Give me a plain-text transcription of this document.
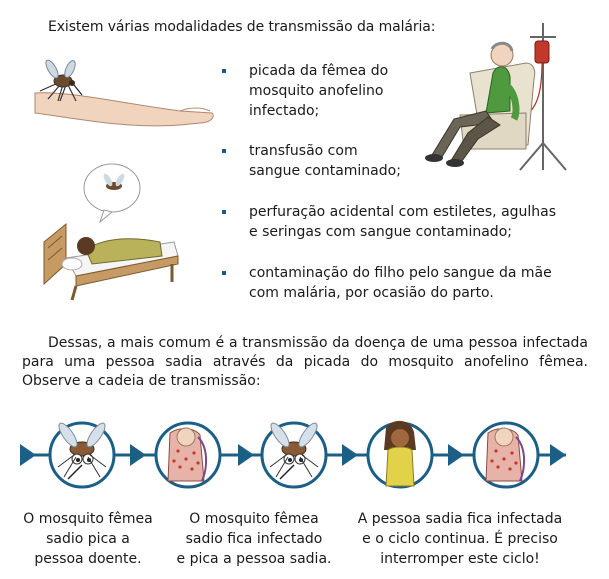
Existem várias modalidades de transmissão da malária:
picada da fêmea do
mosquito anofelino
infectado;
transfusão com
sangue contaminado;
perfuração acidental com estiletes, agulhas
e seringas com sangue contaminado;
contaminação do filho pelo sangue da mãe
com malária, por ocasião do parto.
Dessas, a mais comum é a transmissão da doença de uma pessoa infectada para uma pessoa sadia através da picada do mosquito anofelino fêmea. Observe a cadeia de transmissão:
O mosquito fêmea
sadio pica a
pessoa doente.
O mosquito fêmea
sadio fica infectado
e pica a pessoa sadia.
A pessoa sadia fica infectada
e o ciclo continua. É preciso
interromper este ciclo!
